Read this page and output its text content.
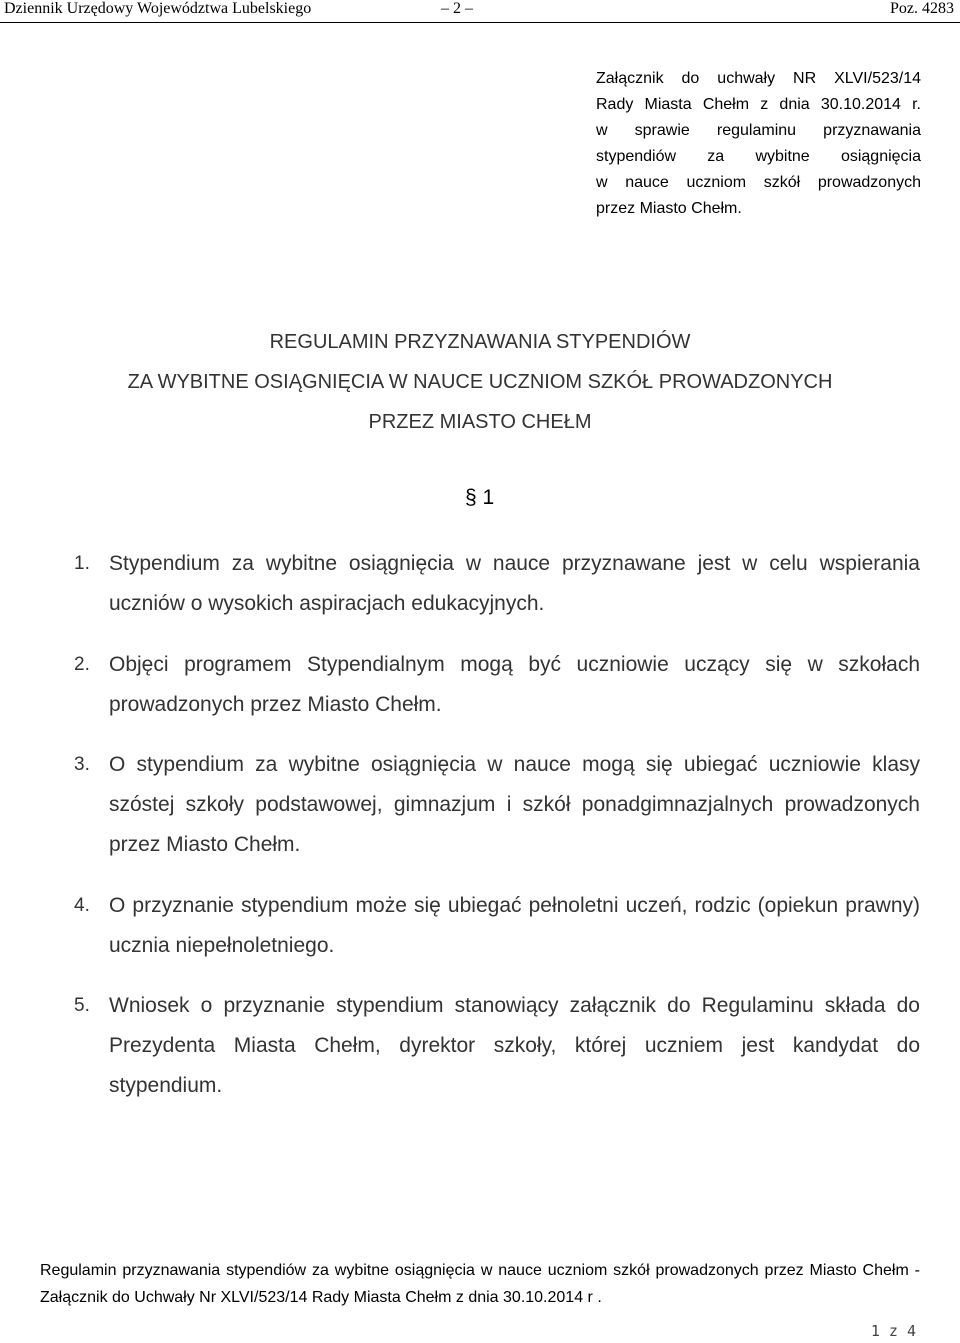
Dziennik Urzędowy Województwa Lubelskiego	– 2 –	Poz. 4283
Załącznik do uchwały NR XLVI/523/14
Rady Miasta Chełm z dnia 30.10.2014 r.
w sprawie regulaminu przyznawania
stypendiów za wybitne osiągnięcia
w nauce uczniom szkół prowadzonych
przez Miasto Chełm.
REGULAMIN PRZYZNAWANIA STYPENDIÓW
ZA WYBITNE OSIĄGNIĘCIA W NAUCE UCZNIOM SZKÓŁ PROWADZONYCH
PRZEZ MIASTO CHEŁM
§ 1
1. Stypendium za wybitne osiągnięcia w nauce przyznawane jest w celu wspierania uczniów o wysokich aspiracjach edukacyjnych.
2. Objęci programem Stypendialnym mogą być uczniowie uczący się w szkołach prowadzonych przez Miasto Chełm.
3. O stypendium za wybitne osiągnięcia w nauce mogą się ubiegać uczniowie klasy szóstej szkoły podstawowej, gimnazjum i szkół ponadgimnazjalnych prowadzonych przez Miasto Chełm.
4. O przyznanie stypendium może się ubiegać pełnoletni uczeń, rodzic (opiekun prawny) ucznia niepełnoletniego.
5. Wniosek o przyznanie stypendium stanowiący załącznik do Regulaminu składa do Prezydenta Miasta Chełm, dyrektor szkoły, której uczniem jest kandydat do stypendium.
Regulamin przyznawania stypendiów za wybitne osiągnięcia w nauce uczniom szkół prowadzonych przez Miasto Chełm - Załącznik do Uchwały Nr XLVI/523/14 Rady Miasta Chełm z dnia 30.10.2014 r .
1 z 4
